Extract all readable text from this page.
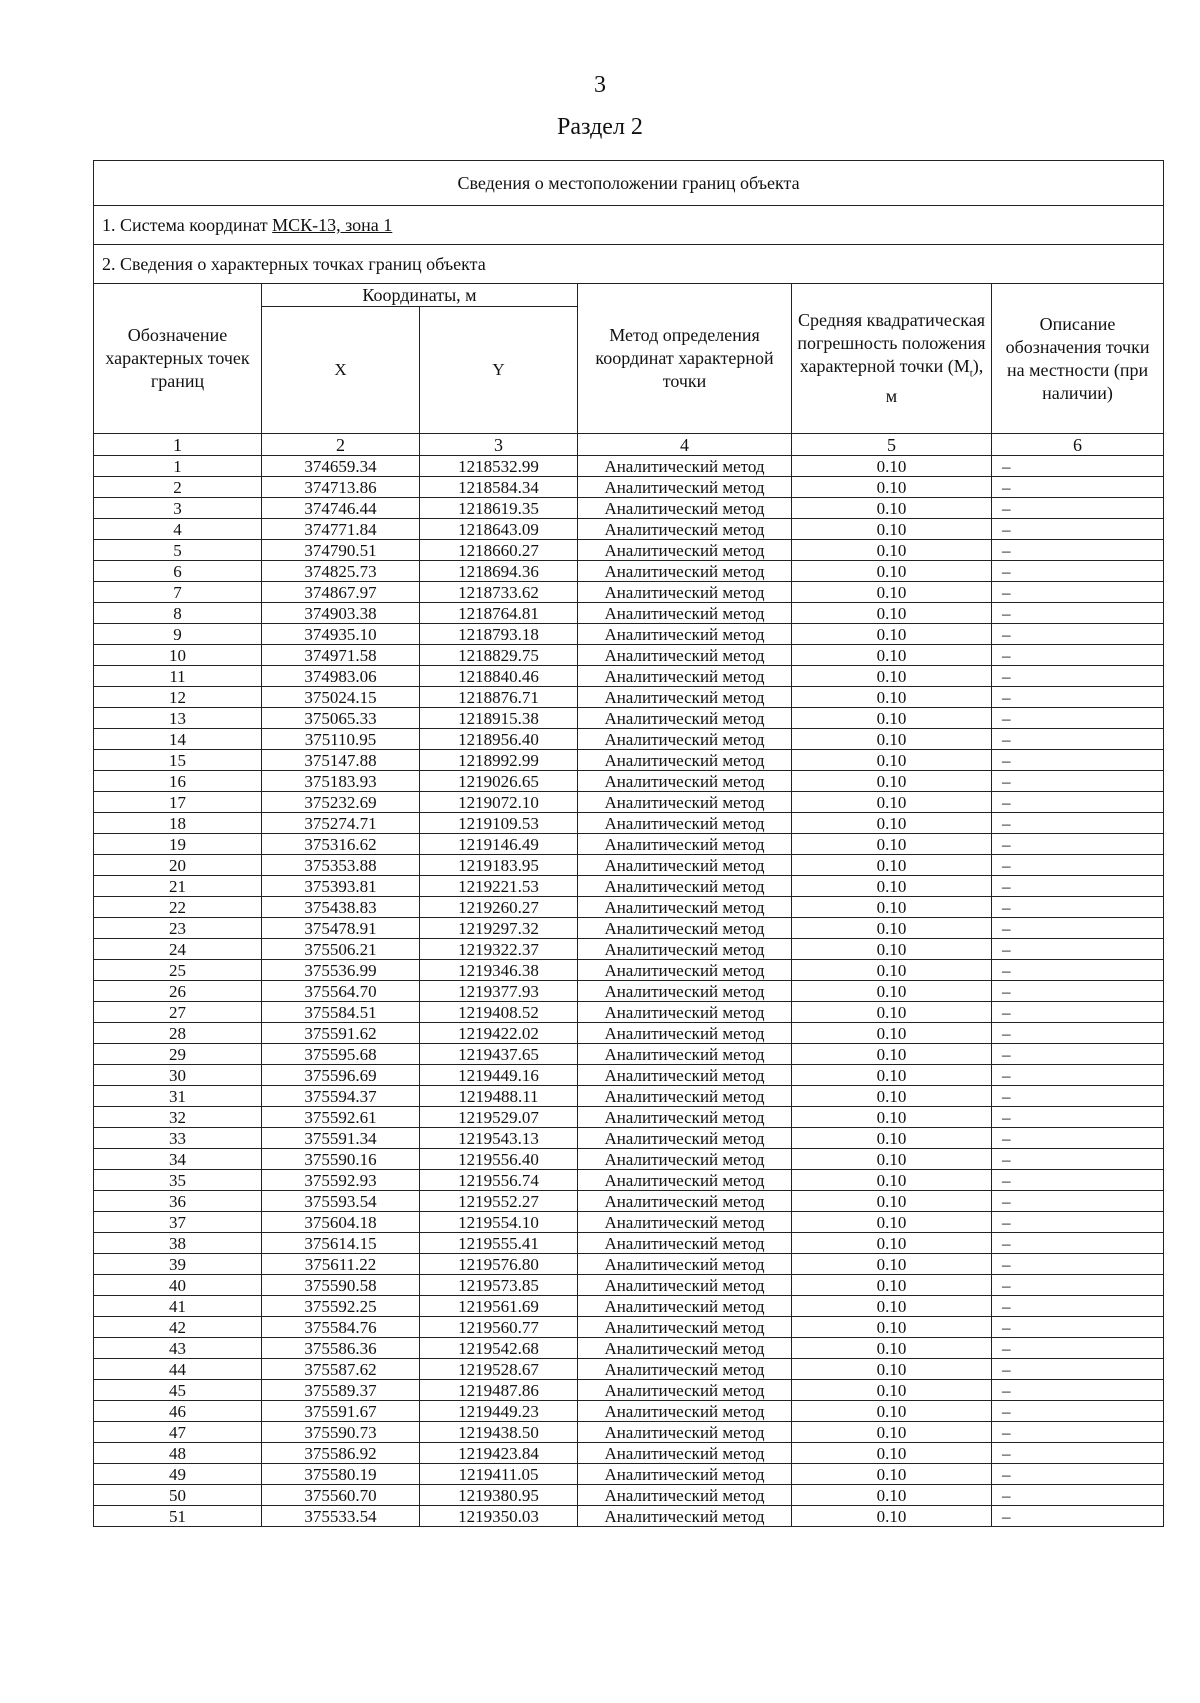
3
Раздел 2
Сведения о местоположении границ объекта					
1. Система координат МСК-13, зона 1					
2. Сведения о характерных точках границ объекта					
Обозначение характерных точек границ	Координаты, м		Метод определения координат характерной точки	Средняя квадратическая погрешность положения характерной точки $(M_t)$, м	Описание обозначения точки на местности (при наличии)
	X	Y			
1	2	3	4	5	6
1	374659.34	1218532.99	Аналитический метод	0.10	–
2	374713.86	1218584.34	Аналитический метод	0.10	–
3	374746.44	1218619.35	Аналитический метод	0.10	–
4	374771.84	1218643.09	Аналитический метод	0.10	–
5	374790.51	1218660.27	Аналитический метод	0.10	–
6	374825.73	1218694.36	Аналитический метод	0.10	–
7	374867.97	1218733.62	Аналитический метод	0.10	–
8	374903.38	1218764.81	Аналитический метод	0.10	–
9	374935.10	1218793.18	Аналитический метод	0.10	–
10	374971.58	1218829.75	Аналитический метод	0.10	–
11	374983.06	1218840.46	Аналитический метод	0.10	–
12	375024.15	1218876.71	Аналитический метод	0.10	–
13	375065.33	1218915.38	Аналитический метод	0.10	–
14	375110.95	1218956.40	Аналитический метод	0.10	–
15	375147.88	1218992.99	Аналитический метод	0.10	–
16	375183.93	1219026.65	Аналитический метод	0.10	–
17	375232.69	1219072.10	Аналитический метод	0.10	–
18	375274.71	1219109.53	Аналитический метод	0.10	–
19	375316.62	1219146.49	Аналитический метод	0.10	–
20	375353.88	1219183.95	Аналитический метод	0.10	–
21	375393.81	1219221.53	Аналитический метод	0.10	–
22	375438.83	1219260.27	Аналитический метод	0.10	–
23	375478.91	1219297.32	Аналитический метод	0.10	–
24	375506.21	1219322.37	Аналитический метод	0.10	–
25	375536.99	1219346.38	Аналитический метод	0.10	–
26	375564.70	1219377.93	Аналитический метод	0.10	–
27	375584.51	1219408.52	Аналитический метод	0.10	–
28	375591.62	1219422.02	Аналитический метод	0.10	–
29	375595.68	1219437.65	Аналитический метод	0.10	–
30	375596.69	1219449.16	Аналитический метод	0.10	–
31	375594.37	1219488.11	Аналитический метод	0.10	–
32	375592.61	1219529.07	Аналитический метод	0.10	–
33	375591.34	1219543.13	Аналитический метод	0.10	–
34	375590.16	1219556.40	Аналитический метод	0.10	–
35	375592.93	1219556.74	Аналитический метод	0.10	–
36	375593.54	1219552.27	Аналитический метод	0.10	–
37	375604.18	1219554.10	Аналитический метод	0.10	–
38	375614.15	1219555.41	Аналитический метод	0.10	–
39	375611.22	1219576.80	Аналитический метод	0.10	–
40	375590.58	1219573.85	Аналитический метод	0.10	–
41	375592.25	1219561.69	Аналитический метод	0.10	–
42	375584.76	1219560.77	Аналитический метод	0.10	–
43	375586.36	1219542.68	Аналитический метод	0.10	–
44	375587.62	1219528.67	Аналитический метод	0.10	–
45	375589.37	1219487.86	Аналитический метод	0.10	–
46	375591.67	1219449.23	Аналитический метод	0.10	–
47	375590.73	1219438.50	Аналитический метод	0.10	–
48	375586.92	1219423.84	Аналитический метод	0.10	–
49	375580.19	1219411.05	Аналитический метод	0.10	–
50	375560.70	1219380.95	Аналитический метод	0.10	–
51	375533.54	1219350.03	Аналитический метод	0.10	–
